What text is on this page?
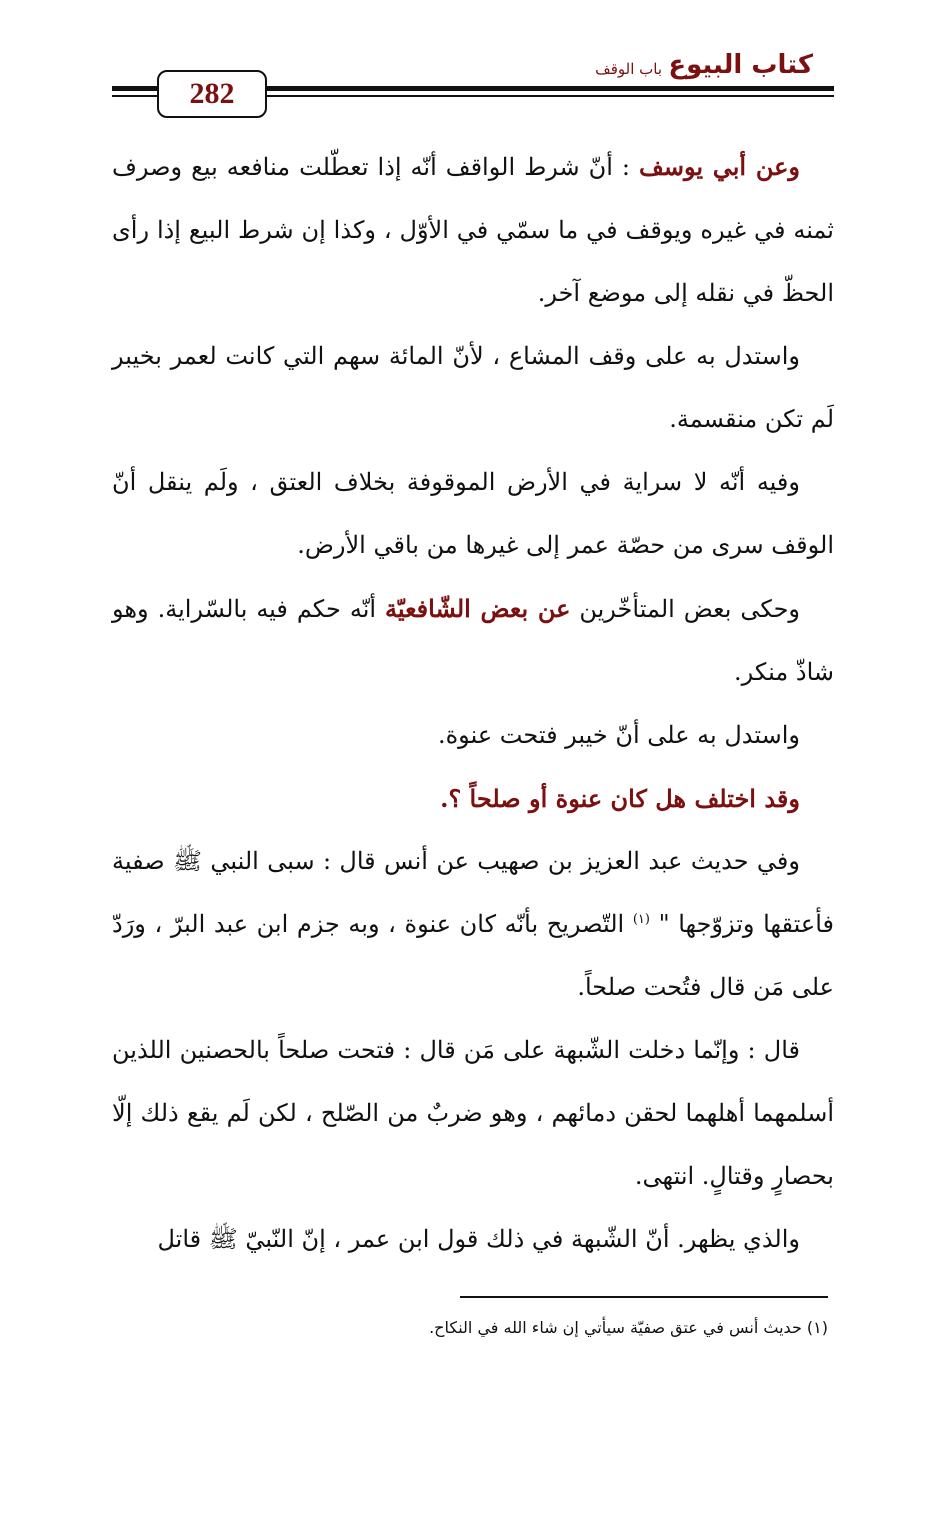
282
كتاب البيوع
باب الوقف

وعن أبي يوسف : أنّ شرط الواقف أنّه إذا تعطّلت منافعه بيع وصرف ثمنه في غيره ويوقف في ما سمّي في الأوّل ، وكذا إن شرط البيع إذا رأى الحظّ في نقله إلى موضع آخر.

واستدل به على وقف المشاع ، لأنّ المائة سهم التي كانت لعمر بخيبر لَم تكن منقسمة.

وفيه أنّه لا سراية في الأرض الموقوفة بخلاف العتق ، ولَم ينقل أنّ الوقف سرى من حصّة عمر إلى غيرها من باقي الأرض.

وحكى بعض المتأخّرين عن بعض الشّافعيّة أنّه حكم فيه بالسّراية. وهو شاذّ منكر.

واستدل به على أنّ خيبر فتحت عنوة.

وقد اختلف هل كان عنوة أو صلحاً ؟.

وفي حديث عبد العزيز بن صهيب عن أنس قال : سبى النبي ﷺ صفية فأعتقها وتزوّجها " $^{(١)}$ التّصريح بأنّه كان عنوة ، وبه جزم ابن عبد البرّ ، ورَدّ على مَن قال فتُحت صلحاً.

قال : وإنّما دخلت الشّبهة على مَن قال : فتحت صلحاً بالحصنين اللذين أسلمهما أهلهما لحقن دمائهم ، وهو ضربٌ من الصّلح ، لكن لَم يقع ذلك إلّا بحصارٍ وقتالٍ. انتهى.

والذي يظهر. أنّ الشّبهة في ذلك قول ابن عمر ، إنّ النّبيّ ﷺ قاتل

(١) حديث أنس في عتق صفيّة سيأتي إن شاء الله في النكاح.
